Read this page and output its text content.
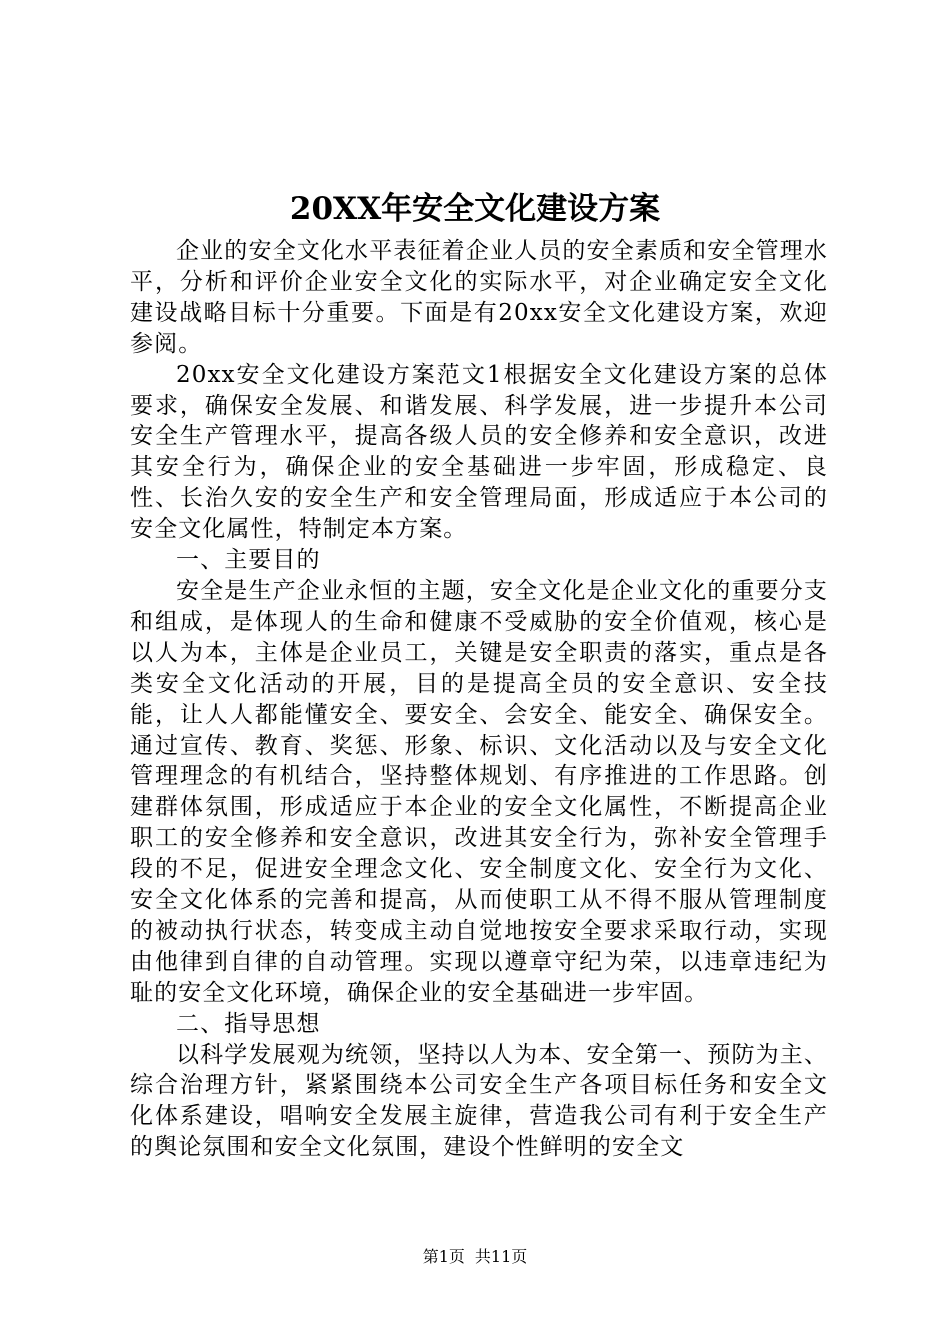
20XX年安全文化建设方案

企业的安全文化水平表征着企业人员的安全素质和安全管理水平，分析和评价企业安全文化的实际水平，对企业确定安全文化建设战略目标十分重要。下面是有20xx安全文化建设方案，欢迎参阅。

20xx安全文化建设方案范文1根据安全文化建设方案的总体要求，确保安全发展、和谐发展、科学发展，进一步提升本公司安全生产管理水平，提高各级人员的安全修养和安全意识，改进其安全行为，确保企业的安全基础进一步牢固，形成稳定、良性、长治久安的安全生产和安全管理局面，形成适应于本公司的安全文化属性，特制定本方案。

一、主要目的

安全是生产企业永恒的主题，安全文化是企业文化的重要分支和组成，是体现人的生命和健康不受威胁的安全价值观，核心是以人为本，主体是企业员工，关键是安全职责的落实，重点是各类安全文化活动的开展，目的是提高全员的安全意识、安全技能，让人人都能懂安全、要安全、会安全、能安全、确保安全。通过宣传、教育、奖惩、形象、标识、文化活动以及与安全文化管理理念的有机结合，坚持整体规划、有序推进的工作思路。创建群体氛围，形成适应于本企业的安全文化属性，不断提高企业职工的安全修养和安全意识，改进其安全行为，弥补安全管理手段的不足，促进安全理念文化、安全制度文化、安全行为文化、安全文化体系的完善和提高，从而使职工从不得不服从管理制度的被动执行状态，转变成主动自觉地按安全要求采取行动，实现由他律到自律的自动管理。实现以遵章守纪为荣，以违章违纪为耻的安全文化环境，确保企业的安全基础进一步牢固。

二、指导思想

以科学发展观为统领，坚持以人为本、安全第一、预防为主、综合治理方针，紧紧围绕本公司安全生产各项目标任务和安全文化体系建设，唱响安全发展主旋律，营造我公司有利于安全生产的舆论氛围和安全文化氛围，建设个性鲜明的安全文

第1页 共11页
